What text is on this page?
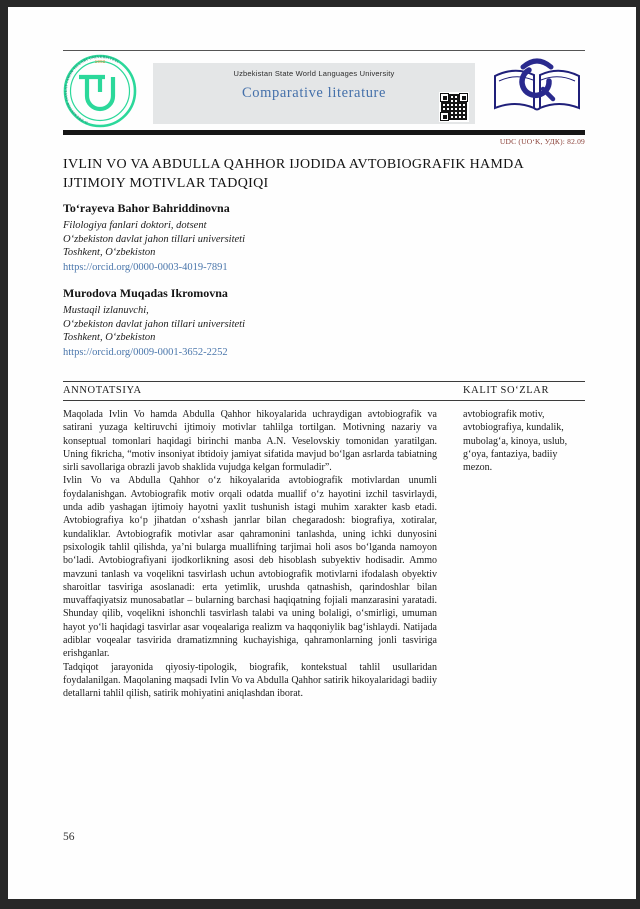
OʻZBEKISTON DAVLAT JAHON TILLARI UNIVERSITETI
1992
Uzbekistan State World Languages University
Comparative literature
UDC (UOʻK, УДК): 82.09
IVLIN VO VA ABDULLA QAHHOR IJODIDA AVTOBIOGRAFIK HAMDA IJTIMOIY MOTIVLAR TADQIQI
Toʻrayeva Bahor Bahriddinovna
Filologiya fanlari doktori, dotsent
Oʻzbekiston davlat jahon tillari universiteti
Toshkent, Oʻzbekiston
https://orcid.org/0000-0003-4019-7891
Murodova Muqadas Ikromovna
Mustaqil izlanuvchi,
Oʻzbekiston davlat jahon tillari universiteti
Toshkent, Oʻzbekiston
https://orcid.org/0009-0001-3652-2252
ANNOTATSIYA	KALIT SOʻZLAR

Maqolada Ivlin Vo hamda Abdulla Qahhor hikoyalarida uchraydigan avtobiografik va satirani yuzaga keltiruvchi ijtimoiy motivlar tahlilga tortilgan. Motivning nazariy va konseptual tomonlari haqidagi birinchi manba A.N. Veselovskiy tomonidan yaratilgan. Uning fikricha, “motiv insoniyat ibtidoiy jamiyat sifatida mavjud boʻlgan asrlarda tabiatning sirli savollariga obrazli javob shaklida vujudga kelgan formuladir”.

Ivlin Vo va Abdulla Qahhor oʻz hikoyalarida avtobiografik motivlardan unumli foydalanishgan. Avtobiografik motiv orqali odatda muallif oʻz hayotini izchil tasvirlaydi, unda adib yashagan ijtimoiy hayotni yaxlit tushunish istagi muhim xarakter kasb etadi. Avtobiografiya koʻp jihatdan oʻxshash janrlar bilan chegaradosh: biografiya, xotiralar, kundaliklar. Avtobiografik motivlar asar qahramonini tanlashda, uning ichki dunyosini psixologik tahlil qilishda, yaʼni bularga muallifning tarjimai holi asos boʻlganda namoyon boʻladi. Avtobiografiyani ijodkorlikning asosi deb hisoblash subyektiv hodisadir. Ammo mavzuni tanlash va voqelikni tasvirlash uchun avtobiografik motivlarni ifodalash obyektiv sharoitlar tasviriga asoslanadi: erta yetimlik, urushda qatnashish, qarindoshlar bilan muvaffaqiyatsiz munosabatlar – bularning barchasi haqiqatning fojiali manzarasini yaratadi. Shunday qilib, voqelikni ishonchli tasvirlash talabi va uning bolaligi, oʻsmirligi, umuman hayot yoʻli haqidagi tasvirlar asar voqealariga realizm va haqqoniylik bagʻishlaydi. Natijada adiblar voqealar tasvirida dramatizmning kuchayishiga, qahramonlarning jonli tasviriga erishganlar.

Tadqiqot jarayonida qiyosiy-tipologik, biografik, kontekstual tahlil usullaridan foydalanilgan. Maqolaning maqsadi Ivlin Vo va Abdulla Qahhor satirik hikoyalaridagi badiiy detallarni tahlil qilish, satirik mohiyatini aniqlashdan iborat.

avtobiografik motiv, avtobiografiya, kundalik, mubolagʻa, kinoya, uslub, gʻoya, fantaziya, badiiy mezon.
56
